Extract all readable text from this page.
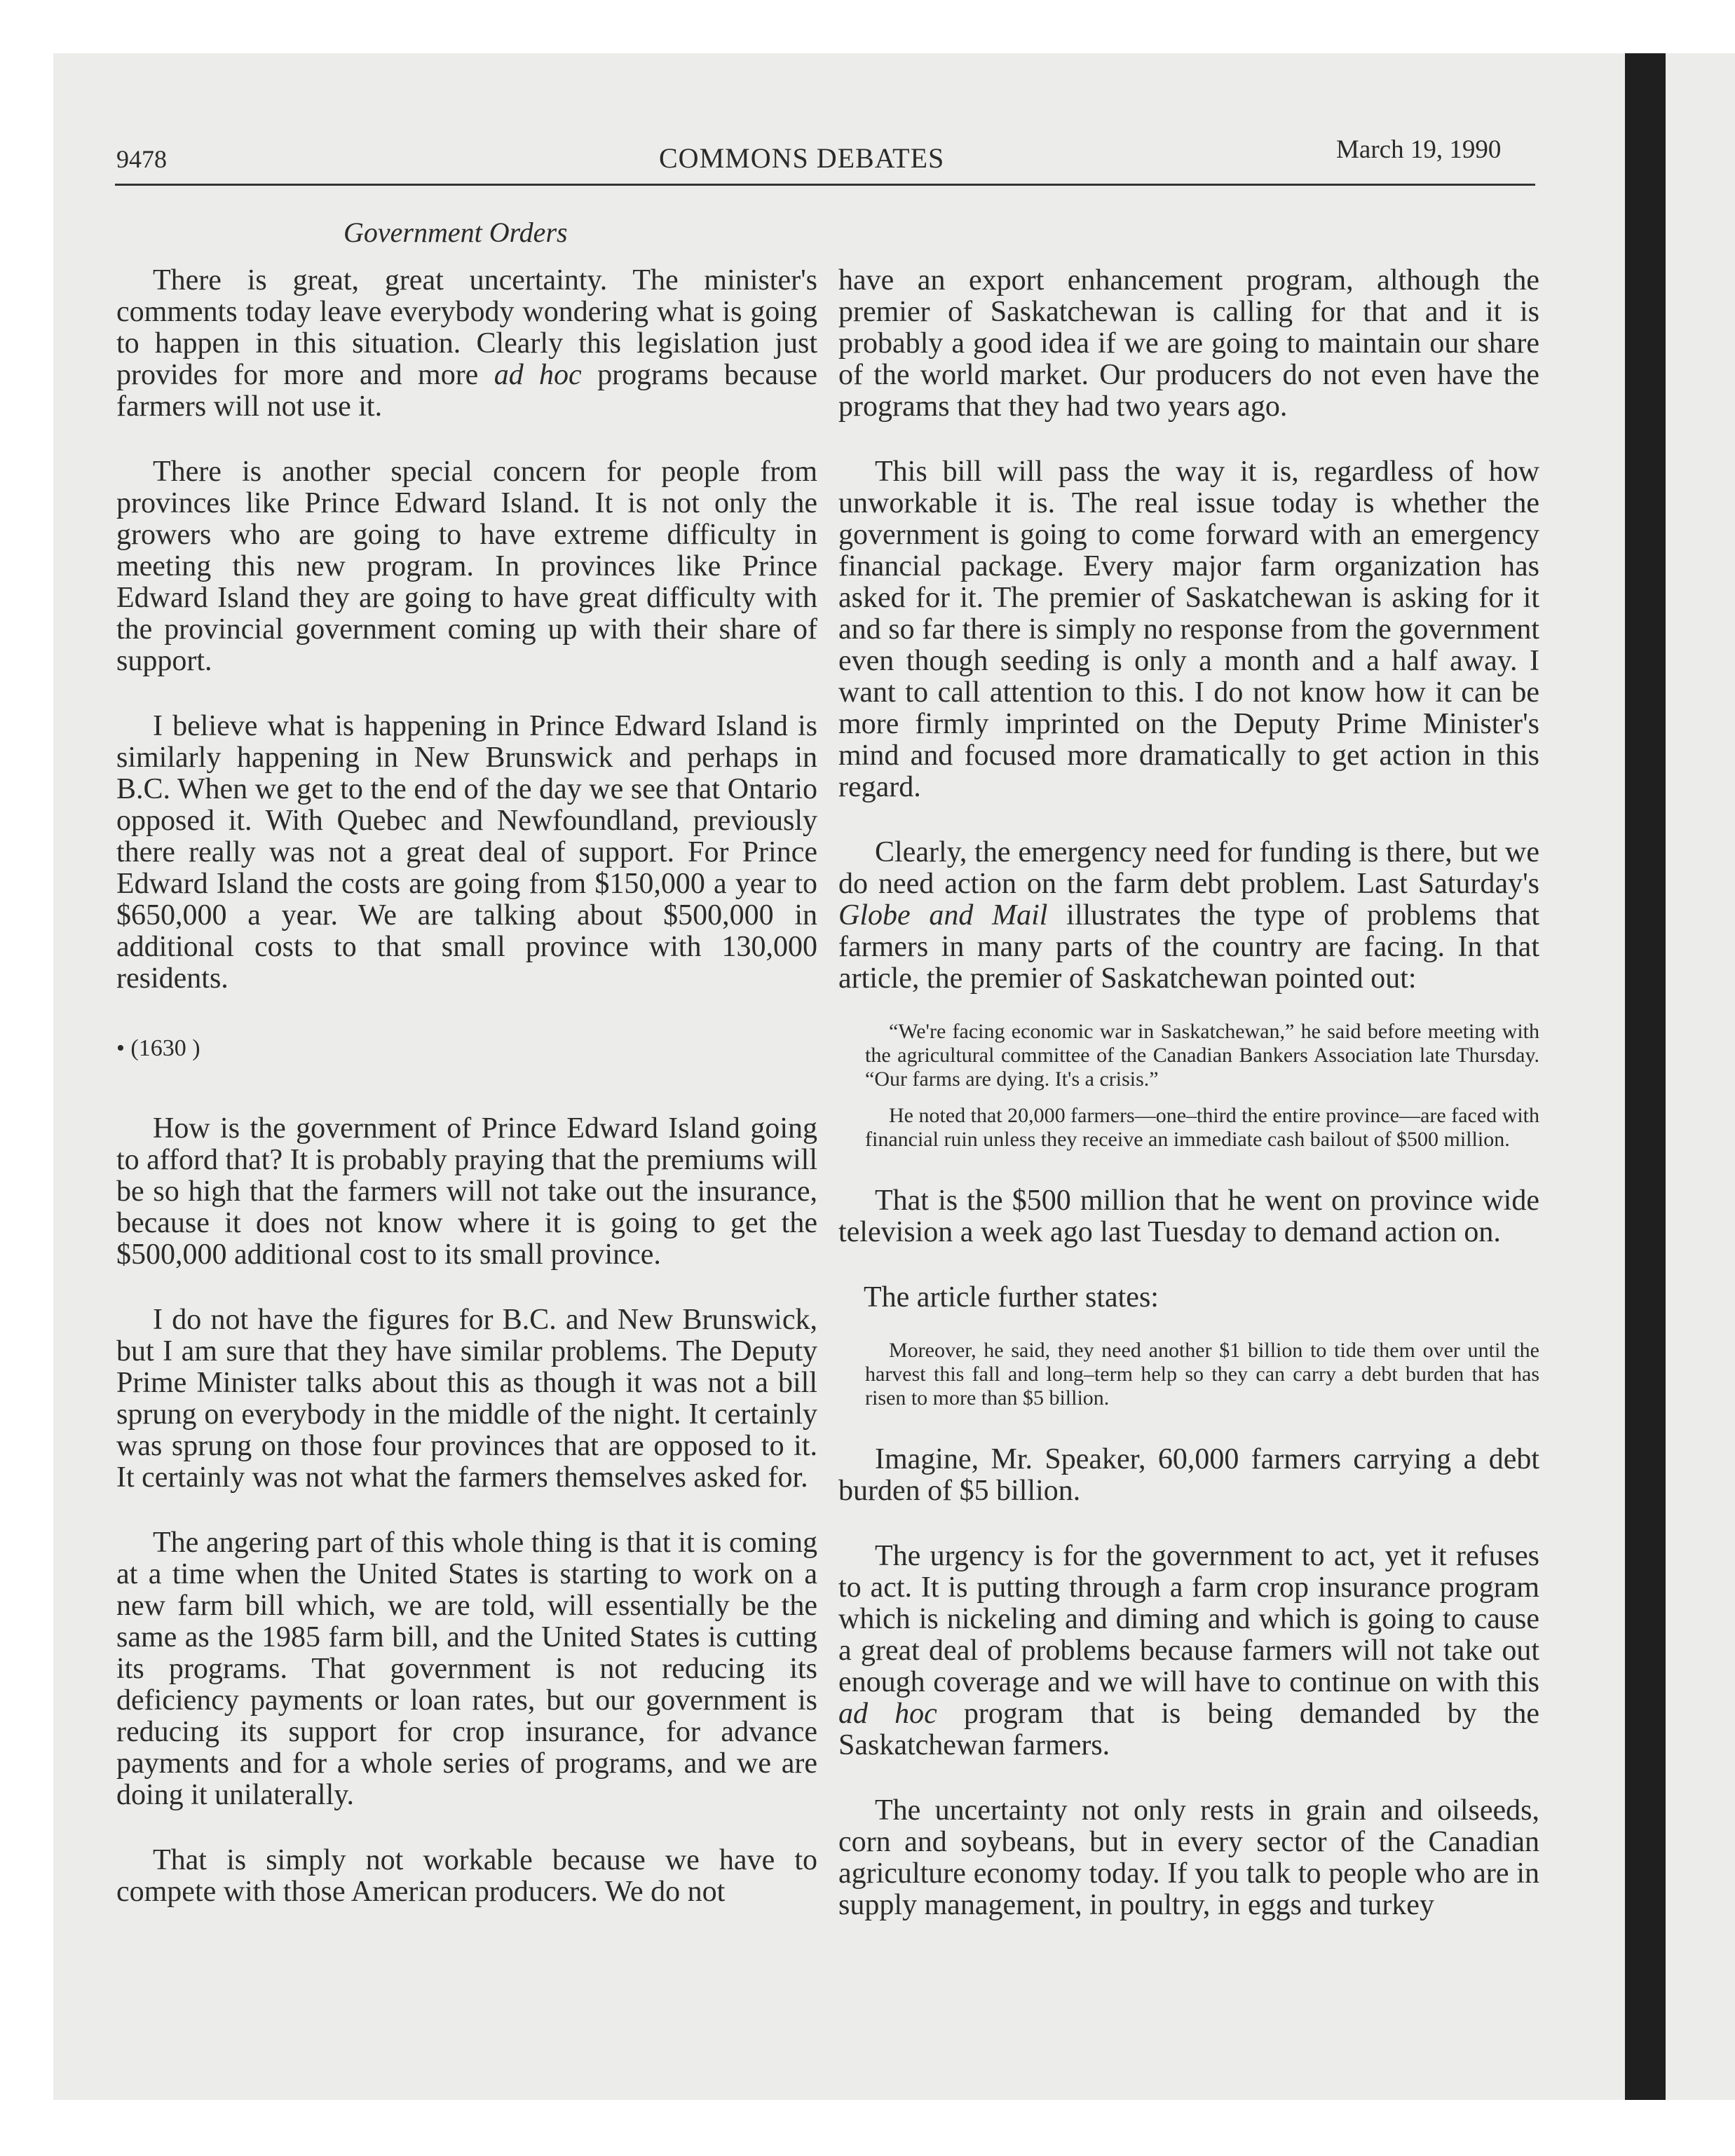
9478	COMMONS DEBATES	March 19, 1990
Government Orders

There is great, great uncertainty. The minister's comments today leave everybody wondering what is going to happen in this situation. Clearly this legislation just provides for more and more ad hoc programs because farmers will not use it.

There is another special concern for people from provinces like Prince Edward Island. It is not only the growers who are going to have extreme difficulty in meeting this new program. In provinces like Prince Edward Island they are going to have great difficulty with the provincial government coming up with their share of support.

I believe what is happening in Prince Edward Island is similarly happening in New Brunswick and perhaps in B.C. When we get to the end of the day we see that Ontario opposed it. With Quebec and Newfoundland, previously there really was not a great deal of support. For Prince Edward Island the costs are going from $150,000 a year to $650,000 a year. We are talking about $500,000 in additional costs to that small province with 130,000 residents.

• (1630 )

How is the government of Prince Edward Island going to afford that? It is probably praying that the premiums will be so high that the farmers will not take out the insurance, because it does not know where it is going to get the $500,000 additional cost to its small province.

I do not have the figures for B.C. and New Brunswick, but I am sure that they have similar problems. The Deputy Prime Minister talks about this as though it was not a bill sprung on everybody in the middle of the night. It certainly was sprung on those four provinces that are opposed to it. It certainly was not what the farmers themselves asked for.

The angering part of this whole thing is that it is coming at a time when the United States is starting to work on a new farm bill which, we are told, will essentially be the same as the 1985 farm bill, and the United States is cutting its programs. That government is not reducing its deficiency payments or loan rates, but our government is reducing its support for crop insurance, for advance payments and for a whole series of programs, and we are doing it unilaterally.

That is simply not workable because we have to compete with those American producers. We do not

have an export enhancement program, although the premier of Saskatchewan is calling for that and it is probably a good idea if we are going to maintain our share of the world market. Our producers do not even have the programs that they had two years ago.

This bill will pass the way it is, regardless of how unworkable it is. The real issue today is whether the government is going to come forward with an emergency financial package. Every major farm organization has asked for it. The premier of Saskatchewan is asking for it and so far there is simply no response from the government even though seeding is only a month and a half away. I want to call attention to this. I do not know how it can be more firmly imprinted on the Deputy Prime Minister's mind and focused more dramatically to get action in this regard.

Clearly, the emergency need for funding is there, but we do need action on the farm debt problem. Last Saturday's Globe and Mail illustrates the type of problems that farmers in many parts of the country are facing. In that article, the premier of Saskatchewan pointed out:

“We're facing economic war in Saskatchewan,” he said before meeting with the agricultural committee of the Canadian Bankers Association late Thursday. “Our farms are dying. It's a crisis.”

He noted that 20,000 farmers—one–third the entire province—are faced with financial ruin unless they receive an immediate cash bailout of $500 million.

That is the $500 million that he went on province wide television a week ago last Tuesday to demand action on.

The article further states:

Moreover, he said, they need another $1 billion to tide them over until the harvest this fall and long–term help so they can carry a debt burden that has risen to more than $5 billion.

Imagine, Mr. Speaker, 60,000 farmers carrying a debt burden of $5 billion.

The urgency is for the government to act, yet it refuses to act. It is putting through a farm crop insurance program which is nickeling and diming and which is going to cause a great deal of problems because farmers will not take out enough coverage and we will have to continue on with this ad hoc program that is being demanded by the Saskatchewan farmers.

The uncertainty not only rests in grain and oilseeds, corn and soybeans, but in every sector of the Canadian agriculture economy today. If you talk to people who are in supply management, in poultry, in eggs and turkey
